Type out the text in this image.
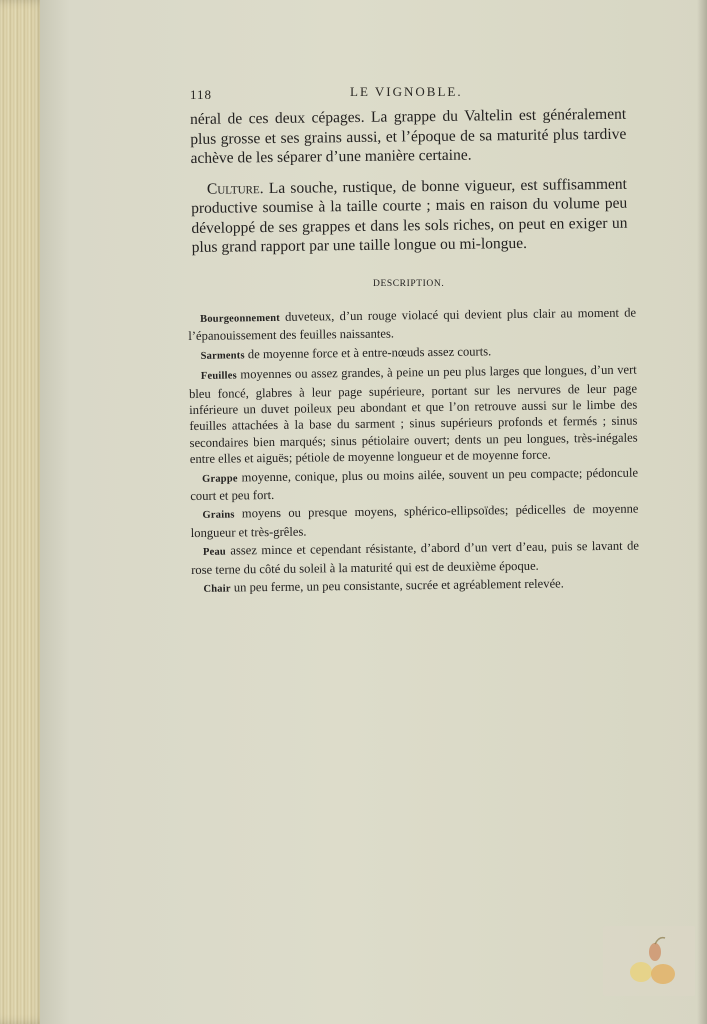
118	LE VIGNOBLE.

néral de ces deux cépages. La grappe du Valtelin est généralement plus grosse et ses grains aussi, et l’époque de sa maturité plus tardive achève de les séparer d’une manière certaine.

Culture. La souche, rustique, de bonne vigueur, est suffisamment productive soumise à la taille courte ; mais en raison du volume peu développé de ses grappes et dans les sols riches, on peut en exiger un plus grand rapport par une taille longue ou mi-longue.

DESCRIPTION.

Bourgeonnement duveteux, d’un rouge violacé qui devient plus clair au moment de l’épanouissement des feuilles naissantes.

Sarments de moyenne force et à entre-nœuds assez courts.

Feuilles moyennes ou assez grandes, à peine un peu plus larges que longues, d’un vert bleu foncé, glabres à leur page supérieure, portant sur les nervures de leur page inférieure un duvet poileux peu abondant et que l’on retrouve aussi sur le limbe des feuilles attachées à la base du sarment ; sinus supérieurs profonds et fermés ; sinus secondaires bien marqués; sinus pétiolaire ouvert; dents un peu longues, très-inégales entre elles et aiguës; pétiole de moyenne longueur et de moyenne force.

Grappe moyenne, conique, plus ou moins ailée, souvent un peu compacte; pédoncule court et peu fort.

Grains moyens ou presque moyens, sphérico-ellipsoïdes; pédicelles de moyenne longueur et très-grêles.

Peau assez mince et cependant résistante, d’abord d’un vert d’eau, puis se lavant de rose terne du côté du soleil à la maturité qui est de deuxième époque.

Chair un peu ferme, un peu consistante, sucrée et agréablement relevée.
